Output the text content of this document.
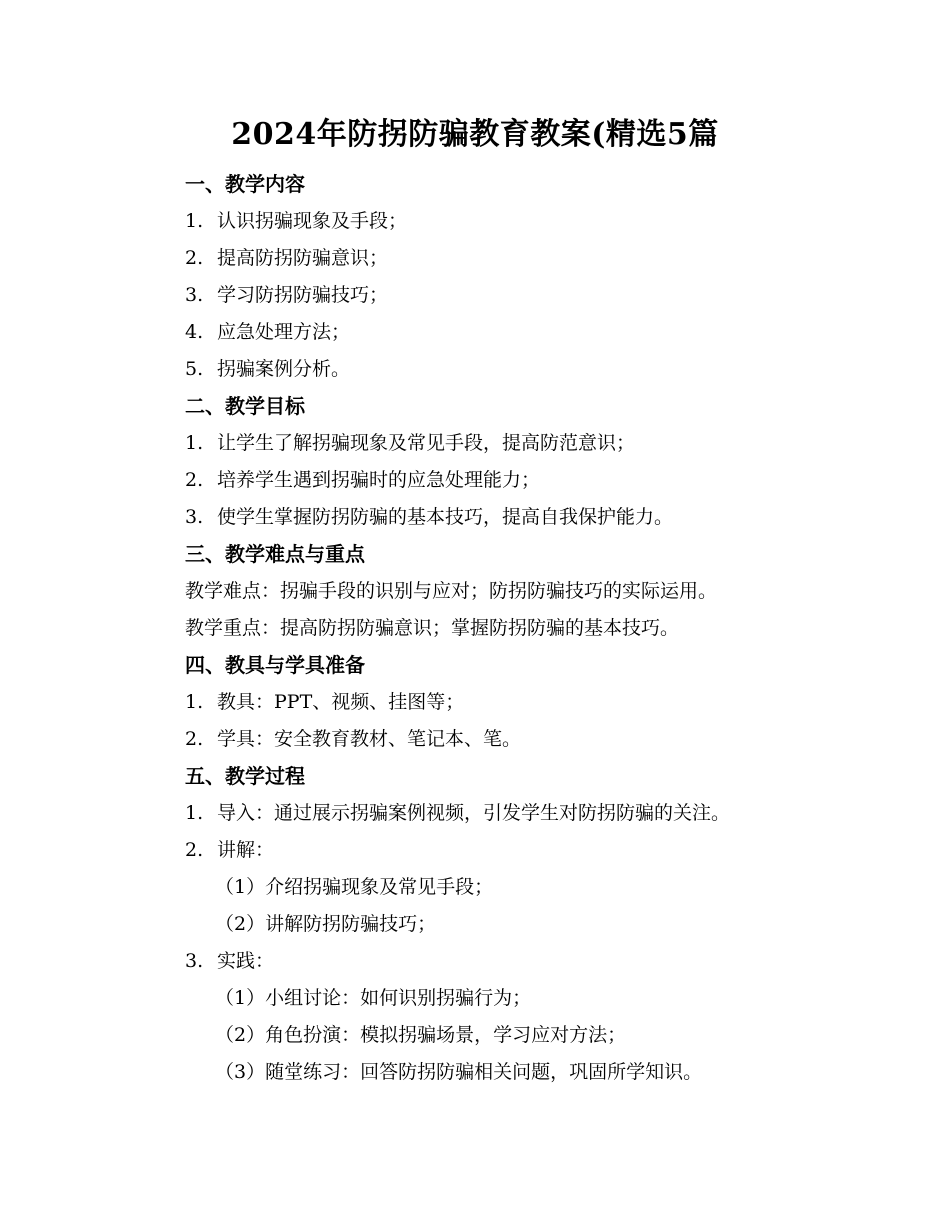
2024年防拐防骗教育教案(精选5篇
一、教学内容
1. 认识拐骗现象及手段；
2. 提高防拐防骗意识；
3. 学习防拐防骗技巧；
4. 应急处理方法；
5. 拐骗案例分析。
二、教学目标
1. 让学生了解拐骗现象及常见手段，提高防范意识；
2. 培养学生遇到拐骗时的应急处理能力；
3. 使学生掌握防拐防骗的基本技巧，提高自我保护能力。
三、教学难点与重点
教学难点：拐骗手段的识别与应对；防拐防骗技巧的实际运用。
教学重点：提高防拐防骗意识；掌握防拐防骗的基本技巧。
四、教具与学具准备
1. 教具：PPT、视频、挂图等；
2. 学具：安全教育教材、笔记本、笔。
五、教学过程
1. 导入：通过展示拐骗案例视频，引发学生对防拐防骗的关注。
2. 讲解：
（1）介绍拐骗现象及常见手段；
（2）讲解防拐防骗技巧；
3. 实践：
（1）小组讨论：如何识别拐骗行为；
（2）角色扮演：模拟拐骗场景，学习应对方法；
（3）随堂练习：回答防拐防骗相关问题，巩固所学知识。
